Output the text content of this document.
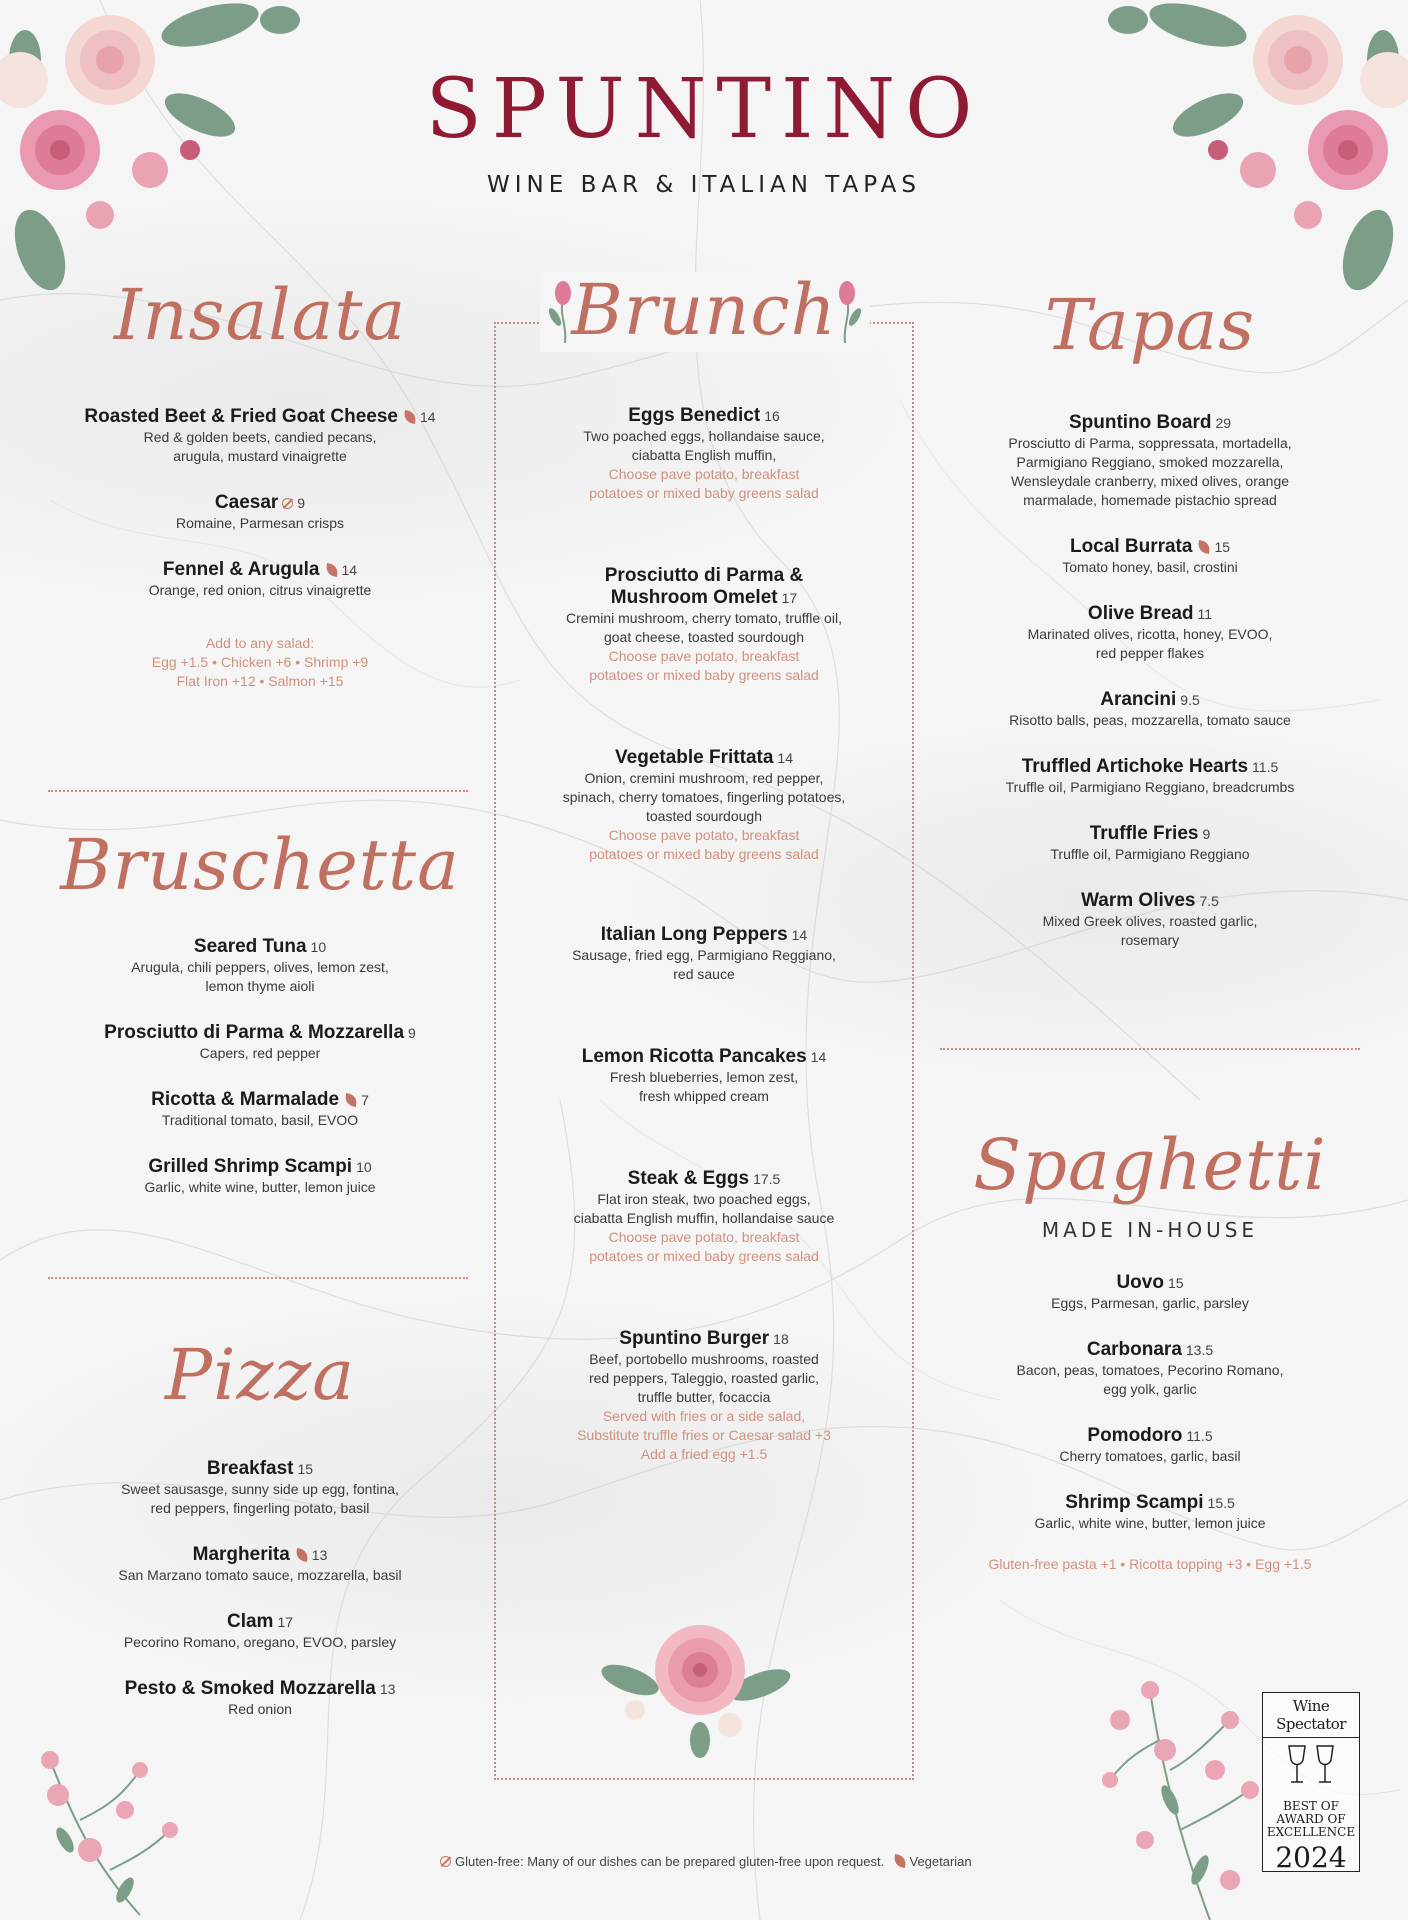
SPUNTINO
WINE BAR & ITALIAN TAPAS
Insalata
Roasted Beet & Fried Goat Cheese 14
Red & golden beets, candied pecans,
arugula, mustard vinaigrette
Caesar 9
Romaine, Parmesan crisps
Fennel & Arugula 14
Orange, red onion, citrus vinaigrette
Add to any salad:
Egg +1.5 • Chicken +6 • Shrimp +9
Flat Iron +12 • Salmon +15
Bruschetta
Seared Tuna 10
Arugula, chili peppers, olives, lemon zest,
lemon thyme aioli
Prosciutto di Parma & Mozzarella 9
Capers, red pepper
Ricotta & Marmalade 7
Traditional tomato, basil, EVOO
Grilled Shrimp Scampi 10
Garlic, white wine, butter, lemon juice
Pizza
Breakfast 15
Sweet sausasge, sunny side up egg, fontina,
red peppers, fingerling potato, basil
Margherita 13
San Marzano tomato sauce, mozzarella, basil
Clam 17
Pecorino Romano, oregano, EVOO, parsley
Pesto & Smoked Mozzarella 13
Red onion
Brunch
Eggs Benedict 16
Two poached eggs, hollandaise sauce,
ciabatta English muffin,
Choose pave potato, breakfast
potatoes or mixed baby greens salad
Prosciutto di Parma &
Mushroom Omelet 17
Cremini mushroom, cherry tomato, truffle oil,
goat cheese, toasted sourdough
Choose pave potato, breakfast
potatoes or mixed baby greens salad
Vegetable Frittata 14
Onion, cremini mushroom, red pepper,
spinach, cherry tomatoes, fingerling potatoes,
toasted sourdough
Choose pave potato, breakfast
potatoes or mixed baby greens salad
Italian Long Peppers 14
Sausage, fried egg, Parmigiano Reggiano,
red sauce
Lemon Ricotta Pancakes 14
Fresh blueberries, lemon zest,
fresh whipped cream
Steak & Eggs 17.5
Flat iron steak, two poached eggs,
ciabatta English muffin, hollandaise sauce
Choose pave potato, breakfast
potatoes or mixed baby greens salad
Spuntino Burger 18
Beef, portobello mushrooms, roasted
red peppers, Taleggio, roasted garlic,
truffle butter, focaccia
Served with fries or a side salad,
Substitute truffle fries or Caesar salad +3
Add a fried egg +1.5
Tapas
Spuntino Board 29
Prosciutto di Parma, soppressata, mortadella,
Parmigiano Reggiano, smoked mozzarella,
Wensleydale cranberry, mixed olives, orange
marmalade, homemade pistachio spread
Local Burrata 15
Tomato honey, basil, crostini
Olive Bread 11
Marinated olives, ricotta, honey, EVOO,
red pepper flakes
Arancini 9.5
Risotto balls, peas, mozzarella, tomato sauce
Truffled Artichoke Hearts 11.5
Truffle oil, Parmigiano Reggiano, breadcrumbs
Truffle Fries 9
Truffle oil, Parmigiano Reggiano
Warm Olives 7.5
Mixed Greek olives, roasted garlic,
rosemary
Spaghetti
MADE IN-HOUSE
Uovo 15
Eggs, Parmesan, garlic, parsley
Carbonara 13.5
Bacon, peas, tomatoes, Pecorino Romano,
egg yolk, garlic
Pomodoro 11.5
Cherry tomatoes, garlic, basil
Shrimp Scampi 15.5
Garlic, white wine, butter, lemon juice
Gluten-free pasta +1 • Ricotta topping +3 • Egg +1.5
Wine Spectator
BEST OF
AWARD OF
EXCELLENCE
2024
Gluten-free: Many of our dishes can be prepared gluten-free upon request. Vegetarian
